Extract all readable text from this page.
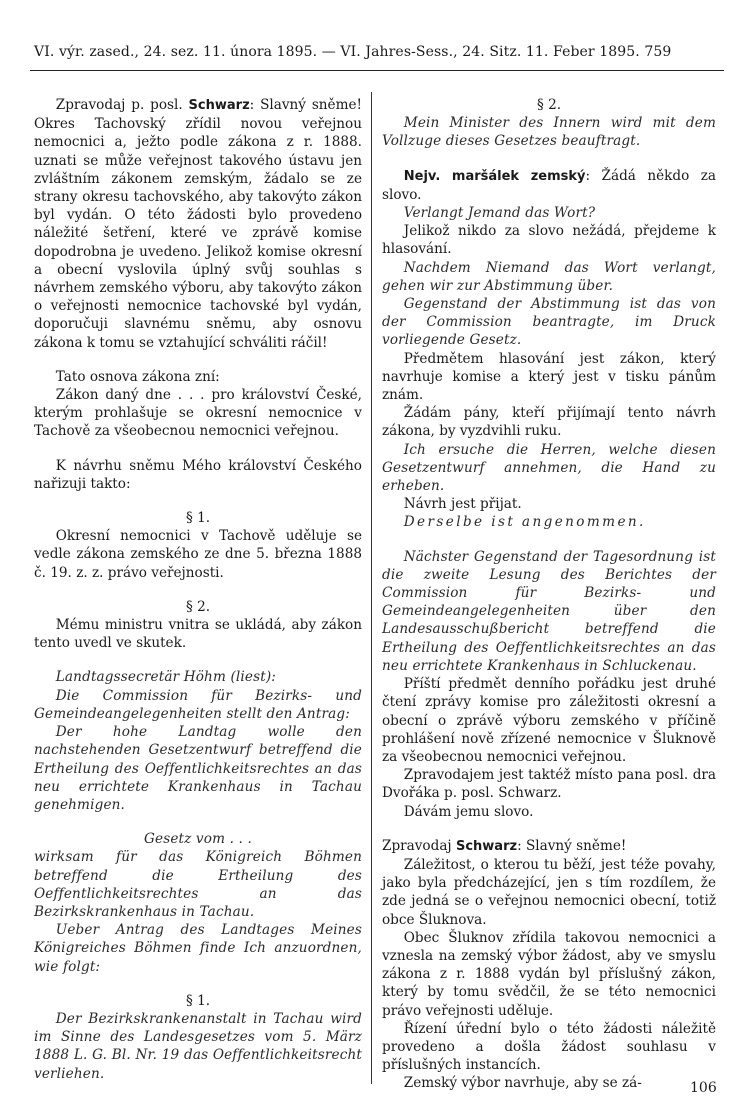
VI. výr. zased., 24. sez. 11. února 1895. — VI. Jahres-Sess., 24. Sitz. 11. Feber 1895. 759

Zpravodaj p. posl. Schwarz: Slavný sněme! Okres Tachovský zřídil novou veřejnou nemocnici a, ježto podle zákona z r. 1888. uznati se může veřejnost takového ústavu jen zvláštním zákonem zemským, žádalo se ze strany okresu tachovského, aby takovýto zákon byl vydán. O této žádosti bylo provedeno náležité šetření, které ve zprávě komise dopodrobna je uvedeno. Jelikož komise okresní a obecní vyslovila úplný svůj souhlas s návrhem zemského výboru, aby takovýto zákon o veřejnosti nemocnice tachovské byl vydán, doporučuji slavnému sněmu, aby osnovu zákona k tomu se vztahující schváliti ráčil!

Tato osnova zákona zní:

Zákon daný dne . . . pro království České, kterým prohlašuje se okresní nemocnice v Tachově za všeobecnou nemocnici veřejnou.

K návrhu sněmu Mého království Českého nařizuji takto:

§ 1.

Okresní nemocnici v Tachově uděluje se vedle zákona zemského ze dne 5. března 1888 č. 19. z. z. právo veřejnosti.

§ 2.

Mému ministru vnitra se ukládá, aby zákon tento uvedl ve skutek.

Landtagssecretär Höhm (liest):

Die Commission für Bezirks- und Gemeindeangelegenheiten stellt den Antrag:

Der hohe Landtag wolle den nachstehenden Gesetzentwurf betreffend die Ertheilung des Oeffentlichkeitsrechtes an das neu errichtete Krankenhaus in Tachau genehmigen.

Gesetz vom . . .

wirksam für das Königreich Böhmen betreffend die Ertheilung des Oeffentlichkeitsrechtes an das Bezirkskrankenhaus in Tachau.

Ueber Antrag des Landtages Meines Königreiches Böhmen finde Ich anzuordnen, wie folgt:

§ 1.

Der Bezirkskrankenanstalt in Tachau wird im Sinne des Landesgesetzes vom 5. März 1888 L. G. Bl. Nr. 19 das Oeffentlichkeitsrecht verliehen.

§ 2.

Mein Minister des Innern wird mit dem Vollzuge dieses Gesetzes beauftragt.

Nejv. maršálek zemský: Žádá někdo za slovo.

Verlangt Jemand das Wort?

Jelikož nikdo za slovo nežádá, přejdeme k hlasování.

Nachdem Niemand das Wort verlangt, gehen wir zur Abstimmung über.

Gegenstand der Abstimmung ist das von der Commission beantragte, im Druck vorliegende Gesetz.

Předmětem hlasování jest zákon, který navrhuje komise a který jest v tisku pánům znám.

Žádám pány, kteří přijímají tento návrh zákona, by vyzdvihli ruku.

Ich ersuche die Herren, welche diesen Gesetzentwurf annehmen, die Hand zu erheben.

Návrh jest přijat.

Derselbe ist angenommen.

Nächster Gegenstand der Tagesordnung ist die zweite Lesung des Berichtes der Commission für Bezirks- und Gemeindeangelegenheiten über den Landesausschußbericht betreffend die Ertheilung des Oeffentlichkeitsrechtes an das neu errichtete Krankenhaus in Schluckenau.

Příští předmět denního pořádku jest druhé čtení zprávy komise pro záležitosti okresní a obecní o zprávě výboru zemského v příčině prohlášení nově zřízené nemocnice v Šluknově za všeobecnou nemocnici veřejnou.

Zpravodajem jest taktéž místo pana posl. dra Dvořáka p. posl. Schwarz.

Dávám jemu slovo.

Zpravodaj Schwarz: Slavný sněme!

Záležitost, o kterou tu běží, jest téže povahy, jako byla předcházející, jen s tím rozdílem, že zde jedná se o veřejnou nemocnici obecní, totiž obce Šluknova.

Obec Šluknov zřídila takovou nemocnici a vznesla na zemský výbor žádost, aby ve smyslu zákona z r. 1888 vydán byl příslušný zákon, který by tomu svědčil, že se této nemocnici právo veřejnosti uděluje.

Řízení úřední bylo o této žádosti náležitě provedeno a došla žádost souhlasu v příslušných instancích.

Zemský výbor navrhuje, aby se zá-	106
